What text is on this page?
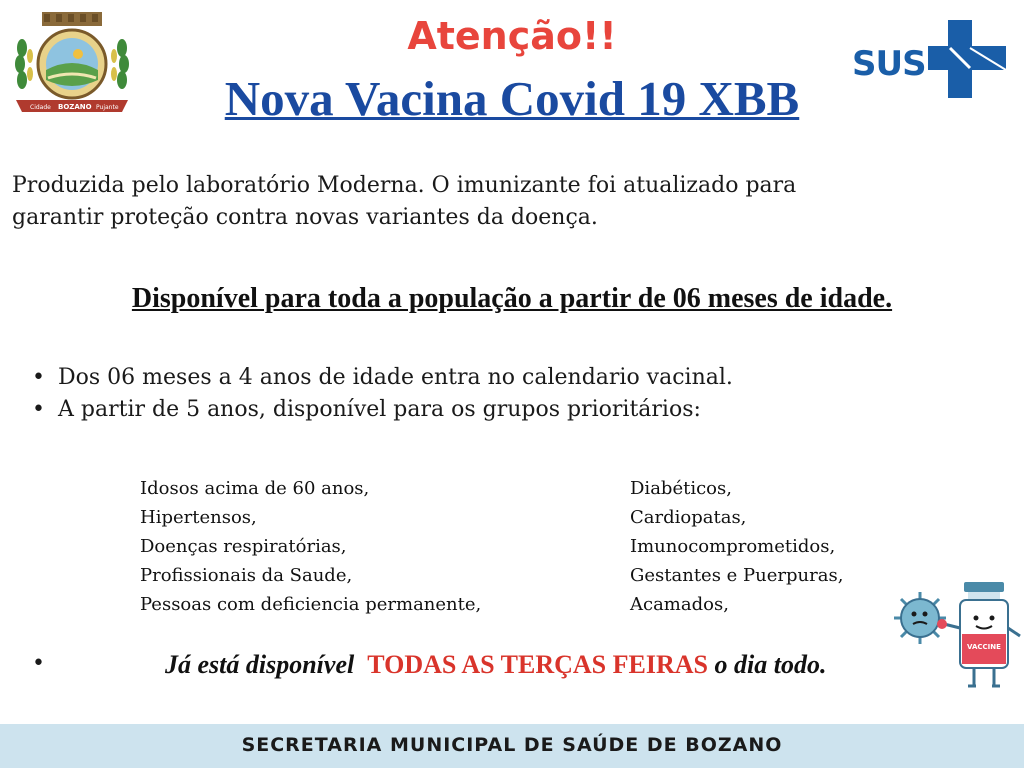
Cidade BOZANO Pujante
Atenção!!
Nova Vacina Covid 19 XBB
SUS
Produzida pelo laboratório Moderna. O imunizante foi atualizado para
garantir proteção contra novas variantes da doença.
Disponível para toda a população a partir de 06 meses de idade.
• Dos 06 meses a 4 anos de idade entra no calendario vacinal.
• A partir de 5 anos, disponível para os grupos prioritários:
Idosos acima de 60 anos,
Hipertensos,
Doenças respiratórias,
Profissionais da Saude,
Pessoas com deficiencia permanente,
Diabéticos,
Cardiopatas,
Imunocomprometidos,
Gestantes e Puerpuras,
Acamados,
•	Já está disponível  TODAS AS TERÇAS FEIRAS o dia todo.
VACCINE
SECRETARIA MUNICIPAL DE SAÚDE DE BOZANO
